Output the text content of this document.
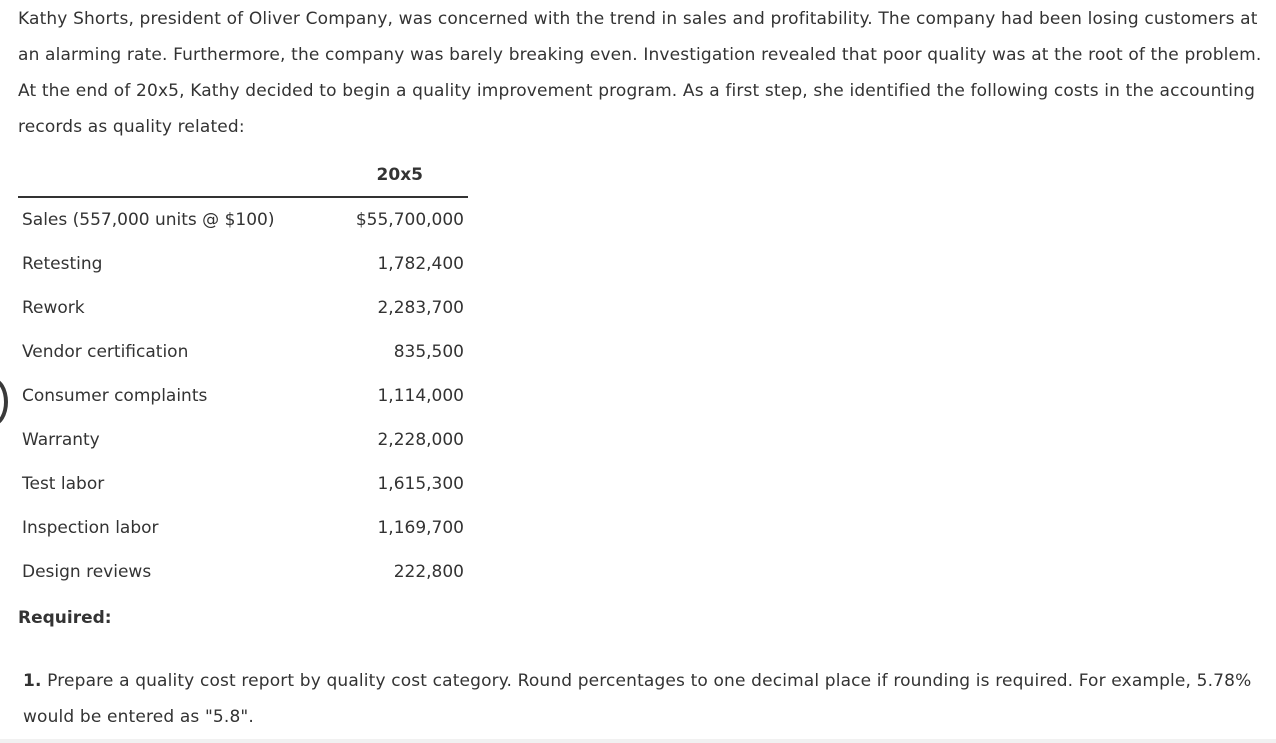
Kathy Shorts, president of Oliver Company, was concerned with the trend in sales and profitability. The company had been losing customers at an alarming rate. Furthermore, the company was barely breaking even. Investigation revealed that poor quality was at the root of the problem. At the end of 20x5, Kathy decided to begin a quality improvement program. As a first step, she identified the following costs in the accounting records as quality related:

	20x5
Sales (557,000 units @ $100)	$55,700,000
Retesting	1,782,400
Rework	2,283,700
Vendor certification	835,500
Consumer complaints	1,114,000
Warranty	2,228,000
Test labor	1,615,300
Inspection labor	1,169,700
Design reviews	222,800

Required:

1. Prepare a quality cost report by quality cost category. Round percentages to one decimal place if rounding is required. For example, 5.78% would be entered as "5.8".
